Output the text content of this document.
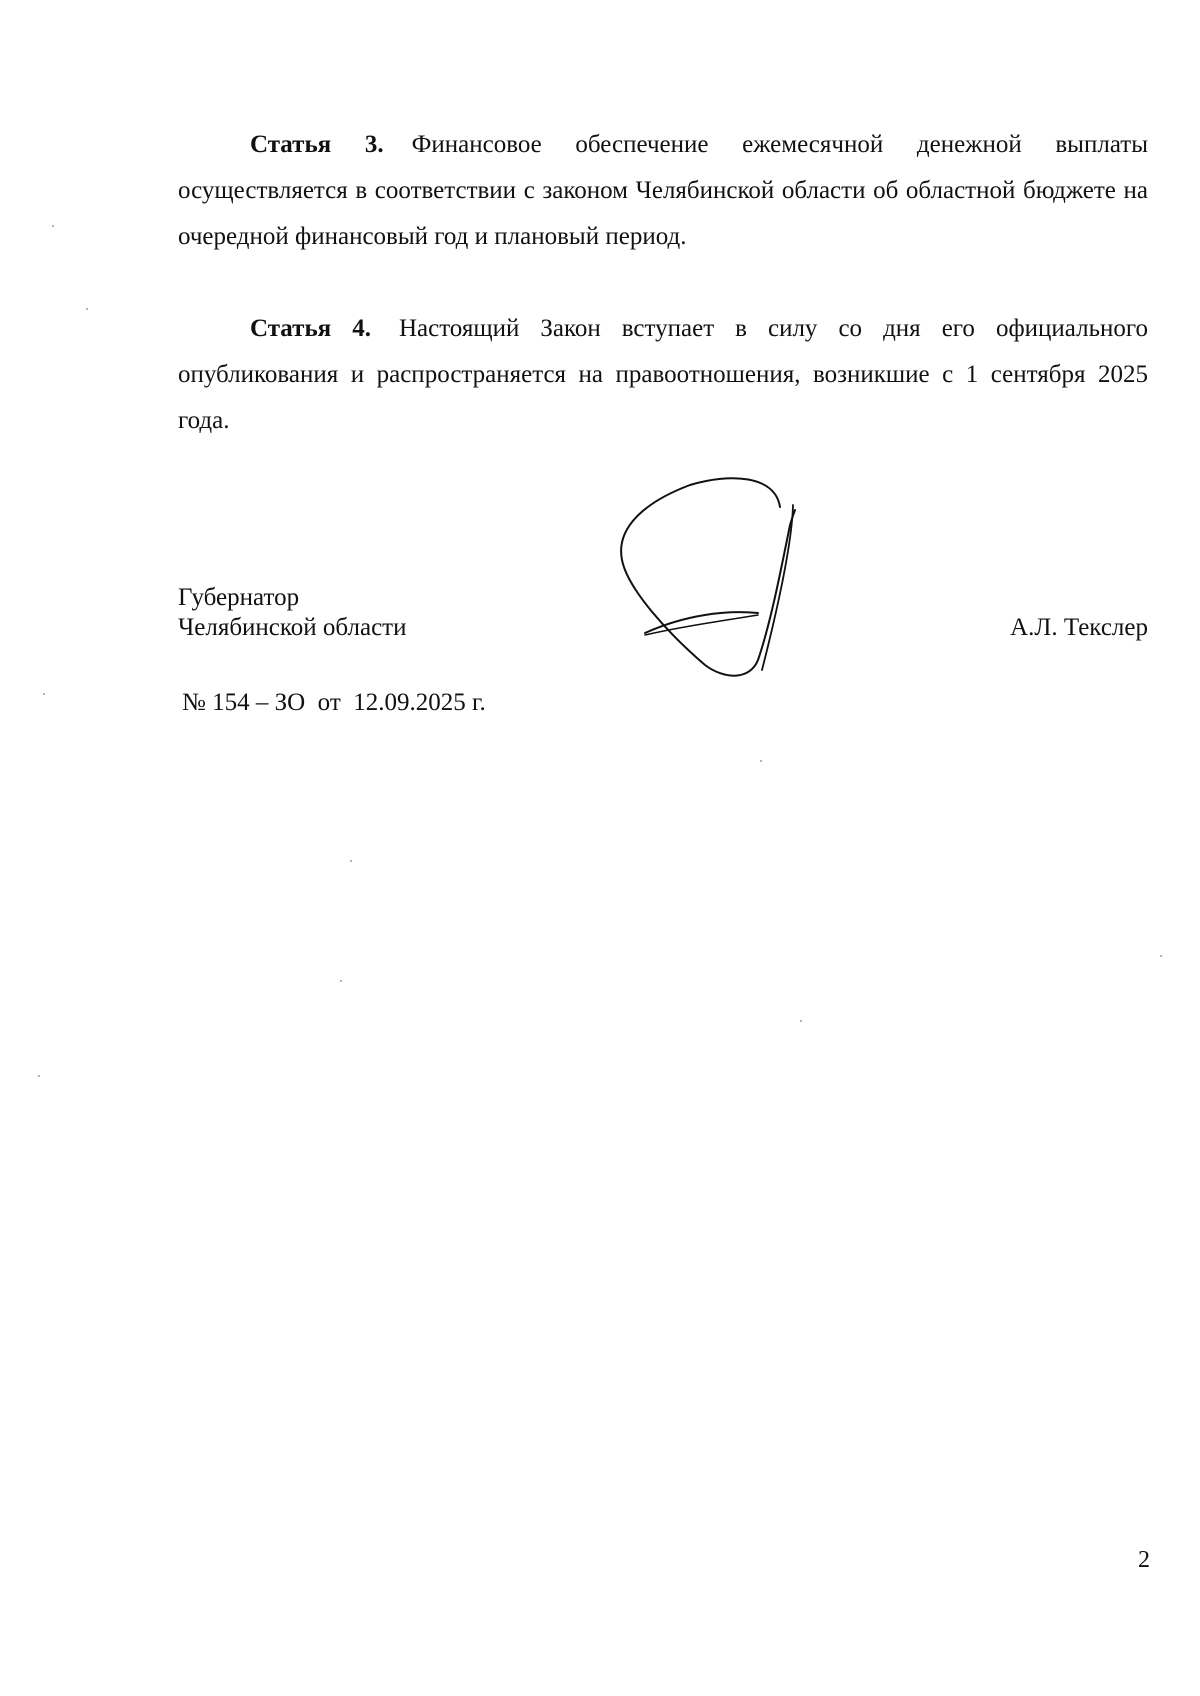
Статья 3. Финансовое обеспечение ежемесячной денежной выплаты осуществляется в соответствии с законом Челябинской области об областной бюджете на очередной финансовый год и плановый период.

Статья 4. Настоящий Закон вступает в силу со дня его официального опубликования и распространяется на правоотношения, возникшие с 1 сентября 2025 года.

Губернатор
Челябинской области	А.Л. Текслер
№ 154 – ЗО  от  12.09.2025 г.
2
